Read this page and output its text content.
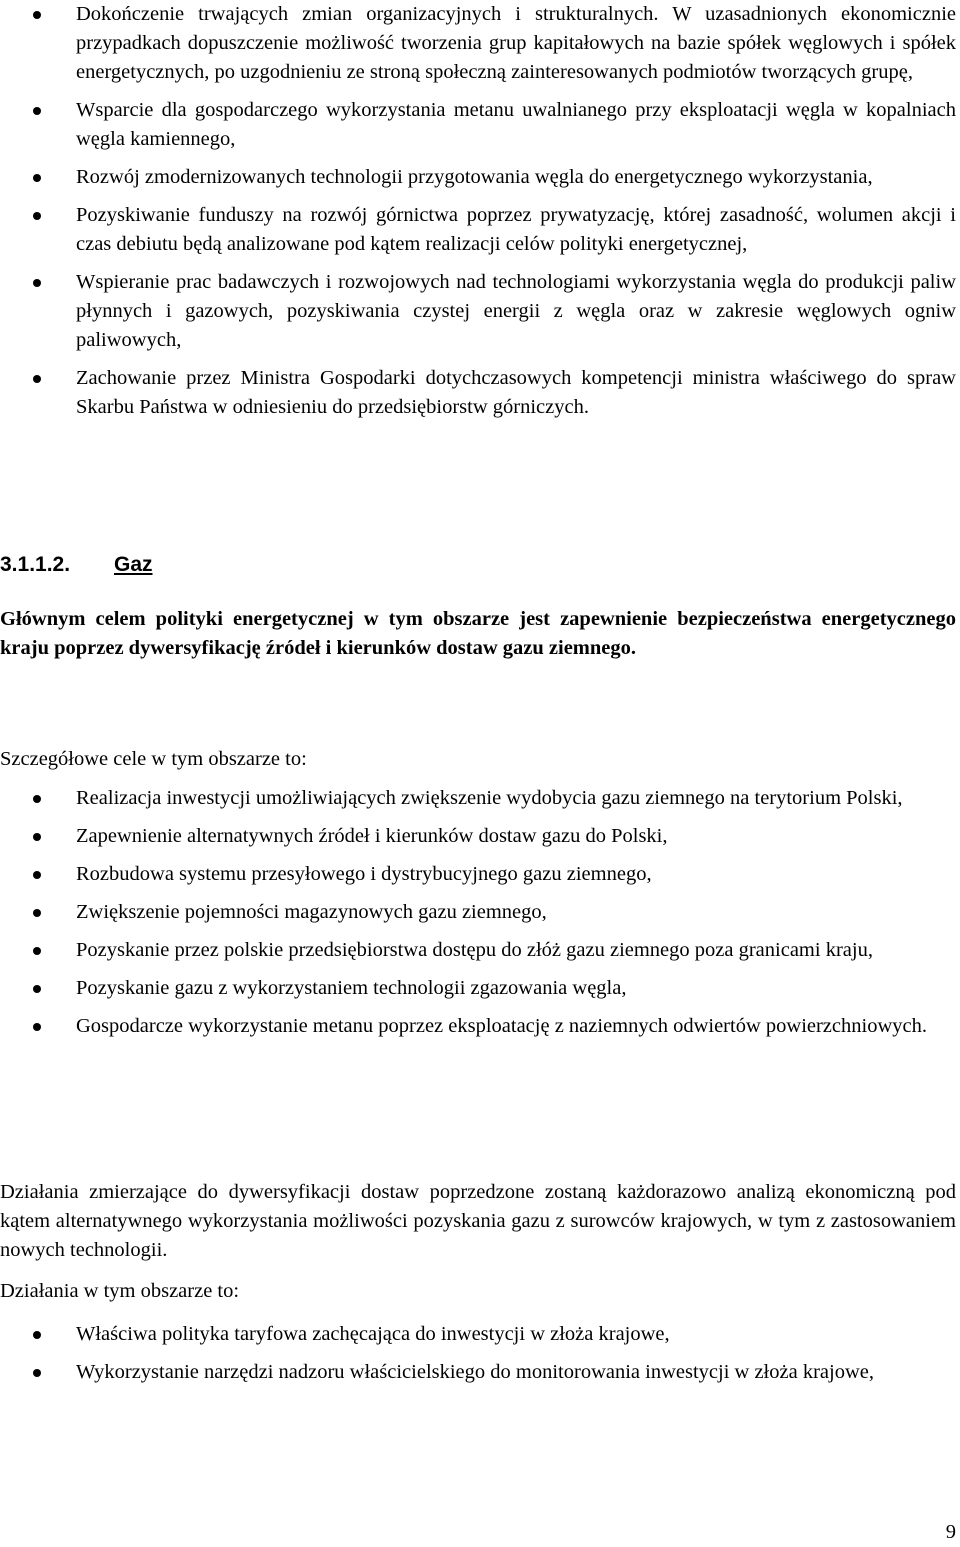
Dokończenie trwających zmian organizacyjnych i strukturalnych. W uzasadnionych ekonomicznie przypadkach dopuszczenie możliwość tworzenia grup kapitałowych na bazie spółek węglowych i spółek energetycznych, po uzgodnieniu ze stroną społeczną zainteresowanych podmiotów tworzących grupę,
Wsparcie dla gospodarczego wykorzystania metanu uwalnianego przy eksploatacji węgla w kopalniach węgla kamiennego,
Rozwój zmodernizowanych technologii przygotowania węgla do energetycznego wykorzystania,
Pozyskiwanie funduszy na rozwój górnictwa poprzez prywatyzację, której zasadność, wolumen akcji i czas debiutu będą analizowane pod kątem realizacji celów polityki energetycznej,
Wspieranie prac badawczych i rozwojowych nad technologiami wykorzystania węgla do produkcji paliw płynnych i gazowych, pozyskiwania czystej energii z węgla oraz w zakresie węglowych ogniw paliwowych,
Zachowanie przez Ministra Gospodarki dotychczasowych kompetencji ministra właściwego do spraw Skarbu Państwa w odniesieniu do przedsiębiorstw górniczych.
3.1.1.2. Gaz
Głównym celem polityki energetycznej w tym obszarze jest zapewnienie bezpieczeństwa energetycznego kraju poprzez dywersyfikację źródeł i kierunków dostaw gazu ziemnego.
Szczegółowe cele w tym obszarze to:
Realizacja inwestycji umożliwiających zwiększenie wydobycia gazu ziemnego na terytorium Polski,
Zapewnienie alternatywnych źródeł i kierunków dostaw gazu do Polski,
Rozbudowa systemu przesyłowego i dystrybucyjnego gazu ziemnego,
Zwiększenie pojemności magazynowych gazu ziemnego,
Pozyskanie przez polskie przedsiębiorstwa dostępu do złóż gazu ziemnego poza granicami kraju,
Pozyskanie gazu z wykorzystaniem technologii zgazowania węgla,
Gospodarcze wykorzystanie metanu poprzez eksploatację z naziemnych odwiertów powierzchniowych.
Działania zmierzające do dywersyfikacji dostaw poprzedzone zostaną każdorazowo analizą ekonomiczną pod kątem alternatywnego wykorzystania możliwości pozyskania gazu z surowców krajowych, w tym z zastosowaniem nowych technologii.
Działania w tym obszarze to:
Właściwa polityka taryfowa zachęcająca do inwestycji w złoża krajowe,
Wykorzystanie narzędzi nadzoru właścicielskiego do monitorowania inwestycji w złoża krajowe,
9
